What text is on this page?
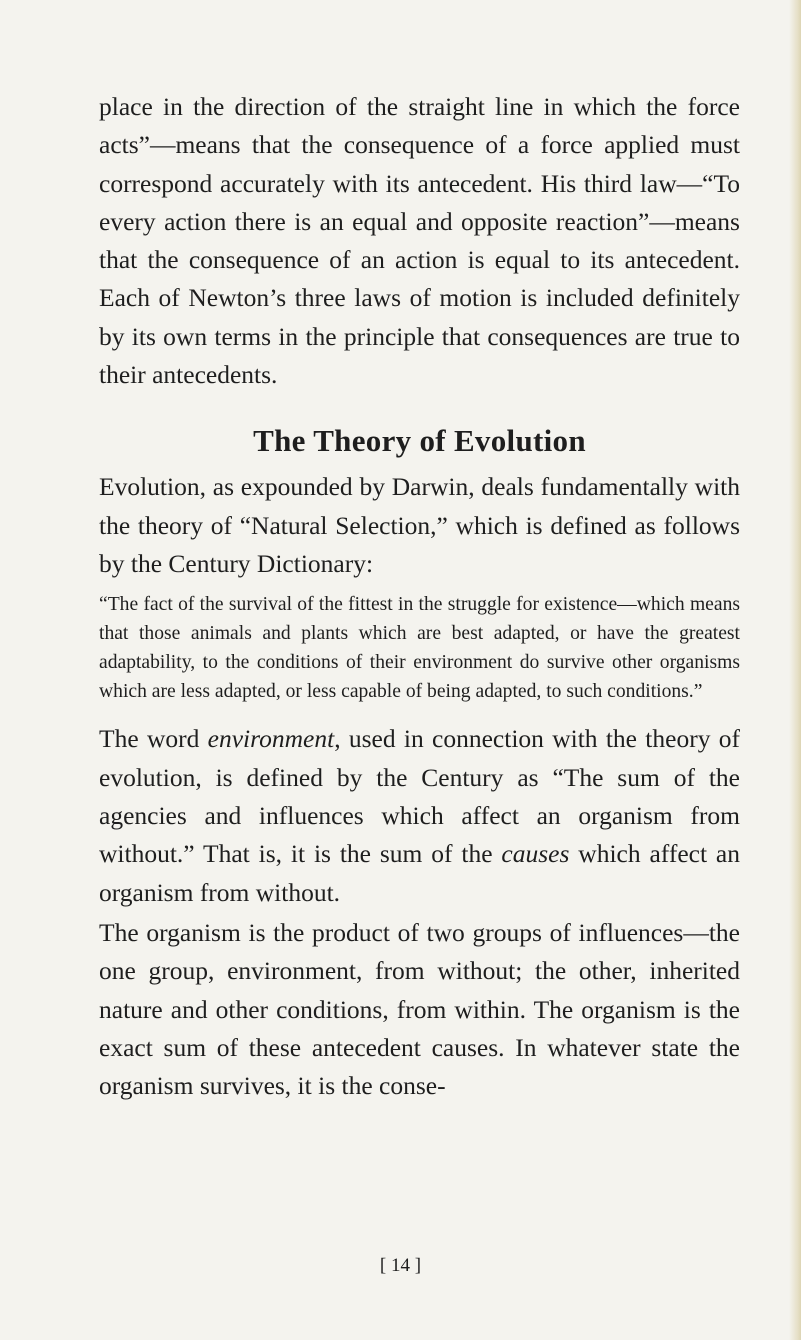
place in the direction of the straight line in which the force acts”—means that the consequence of a force applied must correspond accurately with its antecedent. His third law—“To every action there is an equal and opposite reaction”—means that the consequence of an action is equal to its antecedent. Each of Newton’s three laws of motion is included definitely by its own terms in the principle that consequences are true to their antecedents.

The Theory of Evolution

Evolution, as expounded by Darwin, deals fundamentally with the theory of “Natural Selection,” which is defined as follows by the Century Dictionary:

“The fact of the survival of the fittest in the struggle for existence—which means that those animals and plants which are best adapted, or have the greatest adaptability, to the conditions of their environment do survive other organisms which are less adapted, or less capable of being adapted, to such conditions.”

The word environment, used in connection with the theory of evolution, is defined by the Century as “The sum of the agencies and influences which affect an organism from without.” That is, it is the sum of the causes which affect an organism from without.

The organism is the product of two groups of influences—the one group, environment, from without; the other, inherited nature and other conditions, from within. The organism is the exact sum of these antecedent causes. In whatever state the organism survives, it is the conse-

[ 14 ]
